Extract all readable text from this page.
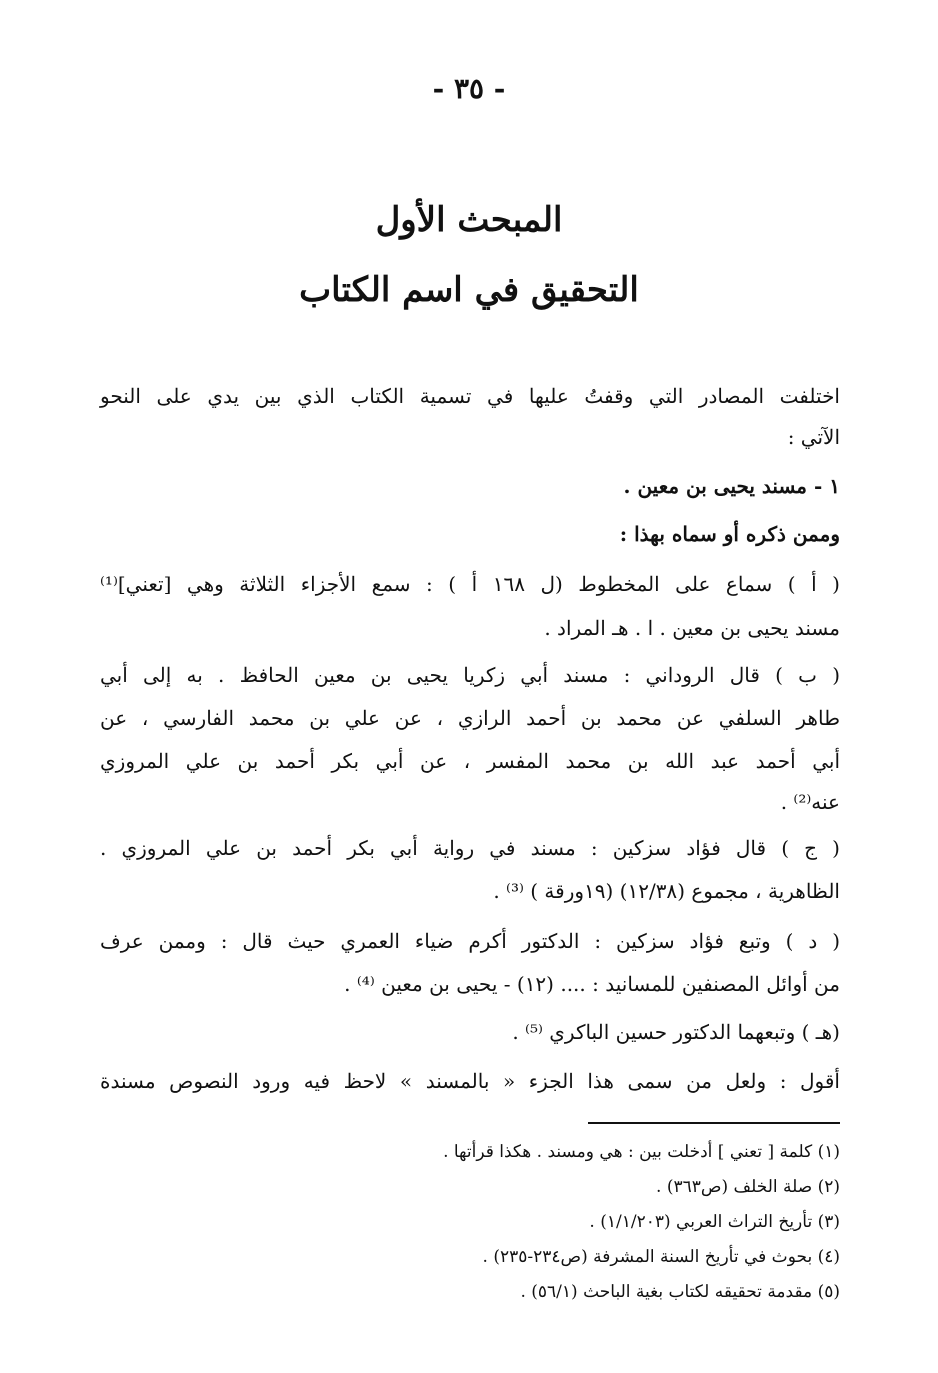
- ٣٥ -
المبحث الأول
التحقيق في اسم الكتاب
اختلفت المصادر التي وقفتُ عليها في تسمية الكتاب الذي بين يدي على النحو
الآتي :
١ - مسند يحيى بن معين .
وممن ذكره أو سماه بهذا :
( أ ) سماع على المخطوط (ل ١٦٨ أ ) : سمع الأجزاء الثلاثة وهي [تعني]⁽¹⁾
مسند يحيى بن معين . ا . هـ المراد .
( ب ) قال الروداني : مسند أبي زكريا يحيى بن معين الحافظ . به إلى أبي
طاهر السلفي عن محمد بن أحمد الرازي ، عن علي بن محمد الفارسي ، عن
أبي أحمد عبد الله بن محمد المفسر ، عن أبي بكر أحمد بن علي المروزي
عنه⁽²⁾ .
( ج ) قال فؤاد سزكين : مسند في رواية أبي بكر أحمد بن علي المروزي .
الظاهرية ، مجموع (١٢/٣٨) (١٩ورقة ) ⁽³⁾ .
( د ) وتبع فؤاد سزكين : الدكتور أكرم ضياء العمري حيث قال : وممن عرف
من أوائل المصنفين للمسانيد : .... (١٢) - يحيى بن معين ⁽⁴⁾ .
(هـ ) وتبعهما الدكتور حسين الباكري ⁽⁵⁾ .
أقول : ولعل من سمى هذا الجزء « بالمسند » لاحظ فيه ورود النصوص مسندة
(١) كلمة [ تعني ] أدخلت بين : هي ومسند . هكذا قرأتها .
(٢) صلة الخلف (ص٣٦٣) .
(٣) تأريخ التراث العربي (١/١/٢٠٣) .
(٤) بحوث في تأريخ السنة المشرفة (ص٢٣٤-٢٣٥) .
(٥) مقدمة تحقيقه لكتاب بغية الباحث (٥٦/١) .
